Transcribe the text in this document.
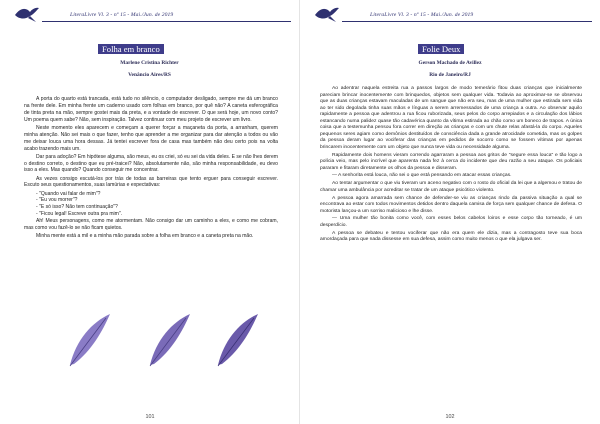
LiteraLivre Vl. 3 - nº 15 - Mai./Jun. de 2019
Folha em branco
Marlene Cristina Richter
Venâncio Aires/RS

A porta do quarto está trancada, está tudo no silêncio, o computador desligado, sempre me dá um branco na frente dele. Em minha frente um caderno usado com folhas em branco, por quê não? A caneta esferográfica de tinta preta na mão, sempre gostei mais da preta, e a vontade de escrever. O que será hoje, um novo conto? Um poema quem sabe? Não, sem inspiração. Talvez continuar com meu projeto de escrever um livro.

Neste momento eles aparecem e começam a querer forçar a maçaneta da porta, a arranham, querem minha atenção. Não sei mais o que fazer, tenho que aprender a me organizar para dar atenção a todos ou vão me deixar louca uma hora dessas. Já tentei escrever fora de casa mas também não deu certo pois na volta acabo trazendo mais um.

Dar para adoção? Em hipótese alguma, são meus, eu os criei, só eu sei da vida deles. E se não lhes derem o destino correto, o destino que eu pré-traicei? Não, absolutamente não, são minha responsabilidade, eu devo isso a eles. Mas quando? Quando conseguir me concentrar.

As vezes consigo escutá-los por trás de todas as barreiras que tento erguer para conseguir escrever. Escuto seus questionamentos, suas lamúrias e expectativas:

- "Quando vai falar de mim"?

- "Eu vou morrer"?

- "E só isso? Não tem continuação"?

- "Ficou legal! Escreve outra pra mim".

Ah! Meus personagens, como me atormentam. Não consigo dar um caminho a eles, e como me cobram, mas como vou fazê-lo se não ficam quietos.

Minha mente está a mil e a minha mão parada sobre a folha em branco e a caneta preta na mão.

101
LiteraLivre Vl. 3 - nº 15 - Mai./Jun. de 2019
Folie Deux
Gerson Machado de Avillez
Rio de Janeiro/RJ

Ao adentrar naquela estreita rua a passos largos de modo temerário fitou duas crianças que inicialmente pareciam brincar inocentemente com brinquedos, objetos sem qualquer vida. Todavia ao aproximar-se se observou que as duas crianças estavam maculadas de um sangue que não era seu, mas de uma mulher que estirada sem vida ao ter sido degolada tinha suas mãos e línguas a serem arremessados de uma criança a outra. Ao observar aquilo rapidamente a pessoa que adentrou a rua ficou ruborizada, seus pelos do corpo arrepiados e a circulação dos lábios estancando numa palidez quase tão cadavérica quanto da vítima estirada ao chão como um boneco de trapos. A única coisa que a testemunha pensou fora correr em direção as crianças e com um chute relas afastá-la do corpo. Aqueles pequenos seres agiam como demônios destituídos de consciência dada a grande atrocidade cometida, mas os golpes da pessoa deram lugar ao vociferar das crianças em pedidos de socorro como se fossem vítimas por apenas brincarem inocentemente com um objeto que nunca teve vida ou necessidade alguma.

Rapidamente dois homens vieram correndo agarraram a pessoa aos gritos de "segure essa louca" e tão logo a polícia veio, mas pelo incrível que aparenta nada fez à cerca do incidente que deu razão a seu ataque. Os policiais pararam e fitaram diretamente os olhos da pessoa e disseram.

— A senhorita está louca, não sei o que está pensando em atacar essas crianças.

Ao tentar argumentar o que viu tiveram um aceno negativo com o rosto do oficial da lei que a algemou e tratou de chamar uma ambulância por acreditar se tratar de um ataque psicótico violento.

A pessoa agora amarrada sem chance de defender-se viu as crianças rindo da passiva situação a qual se encontrava ao estar com todos movimentos detidos dentro daquela camisa de força sem qualquer chance de defesa. O motorista lançou-a um sorriso malicioso e lhe disse.

— Uma mulher tão bonita como você, com esses belos cabelos loiros e esse corpo tão torneado, é um desperdício.

A pessoa se debateu e tentou vociferar que não era quem ele dizia, mas a contragosto teve sua boca amordaçada para que nada dissesse em sua defesa, assim como muito menos o que ela julgava ser.

102
